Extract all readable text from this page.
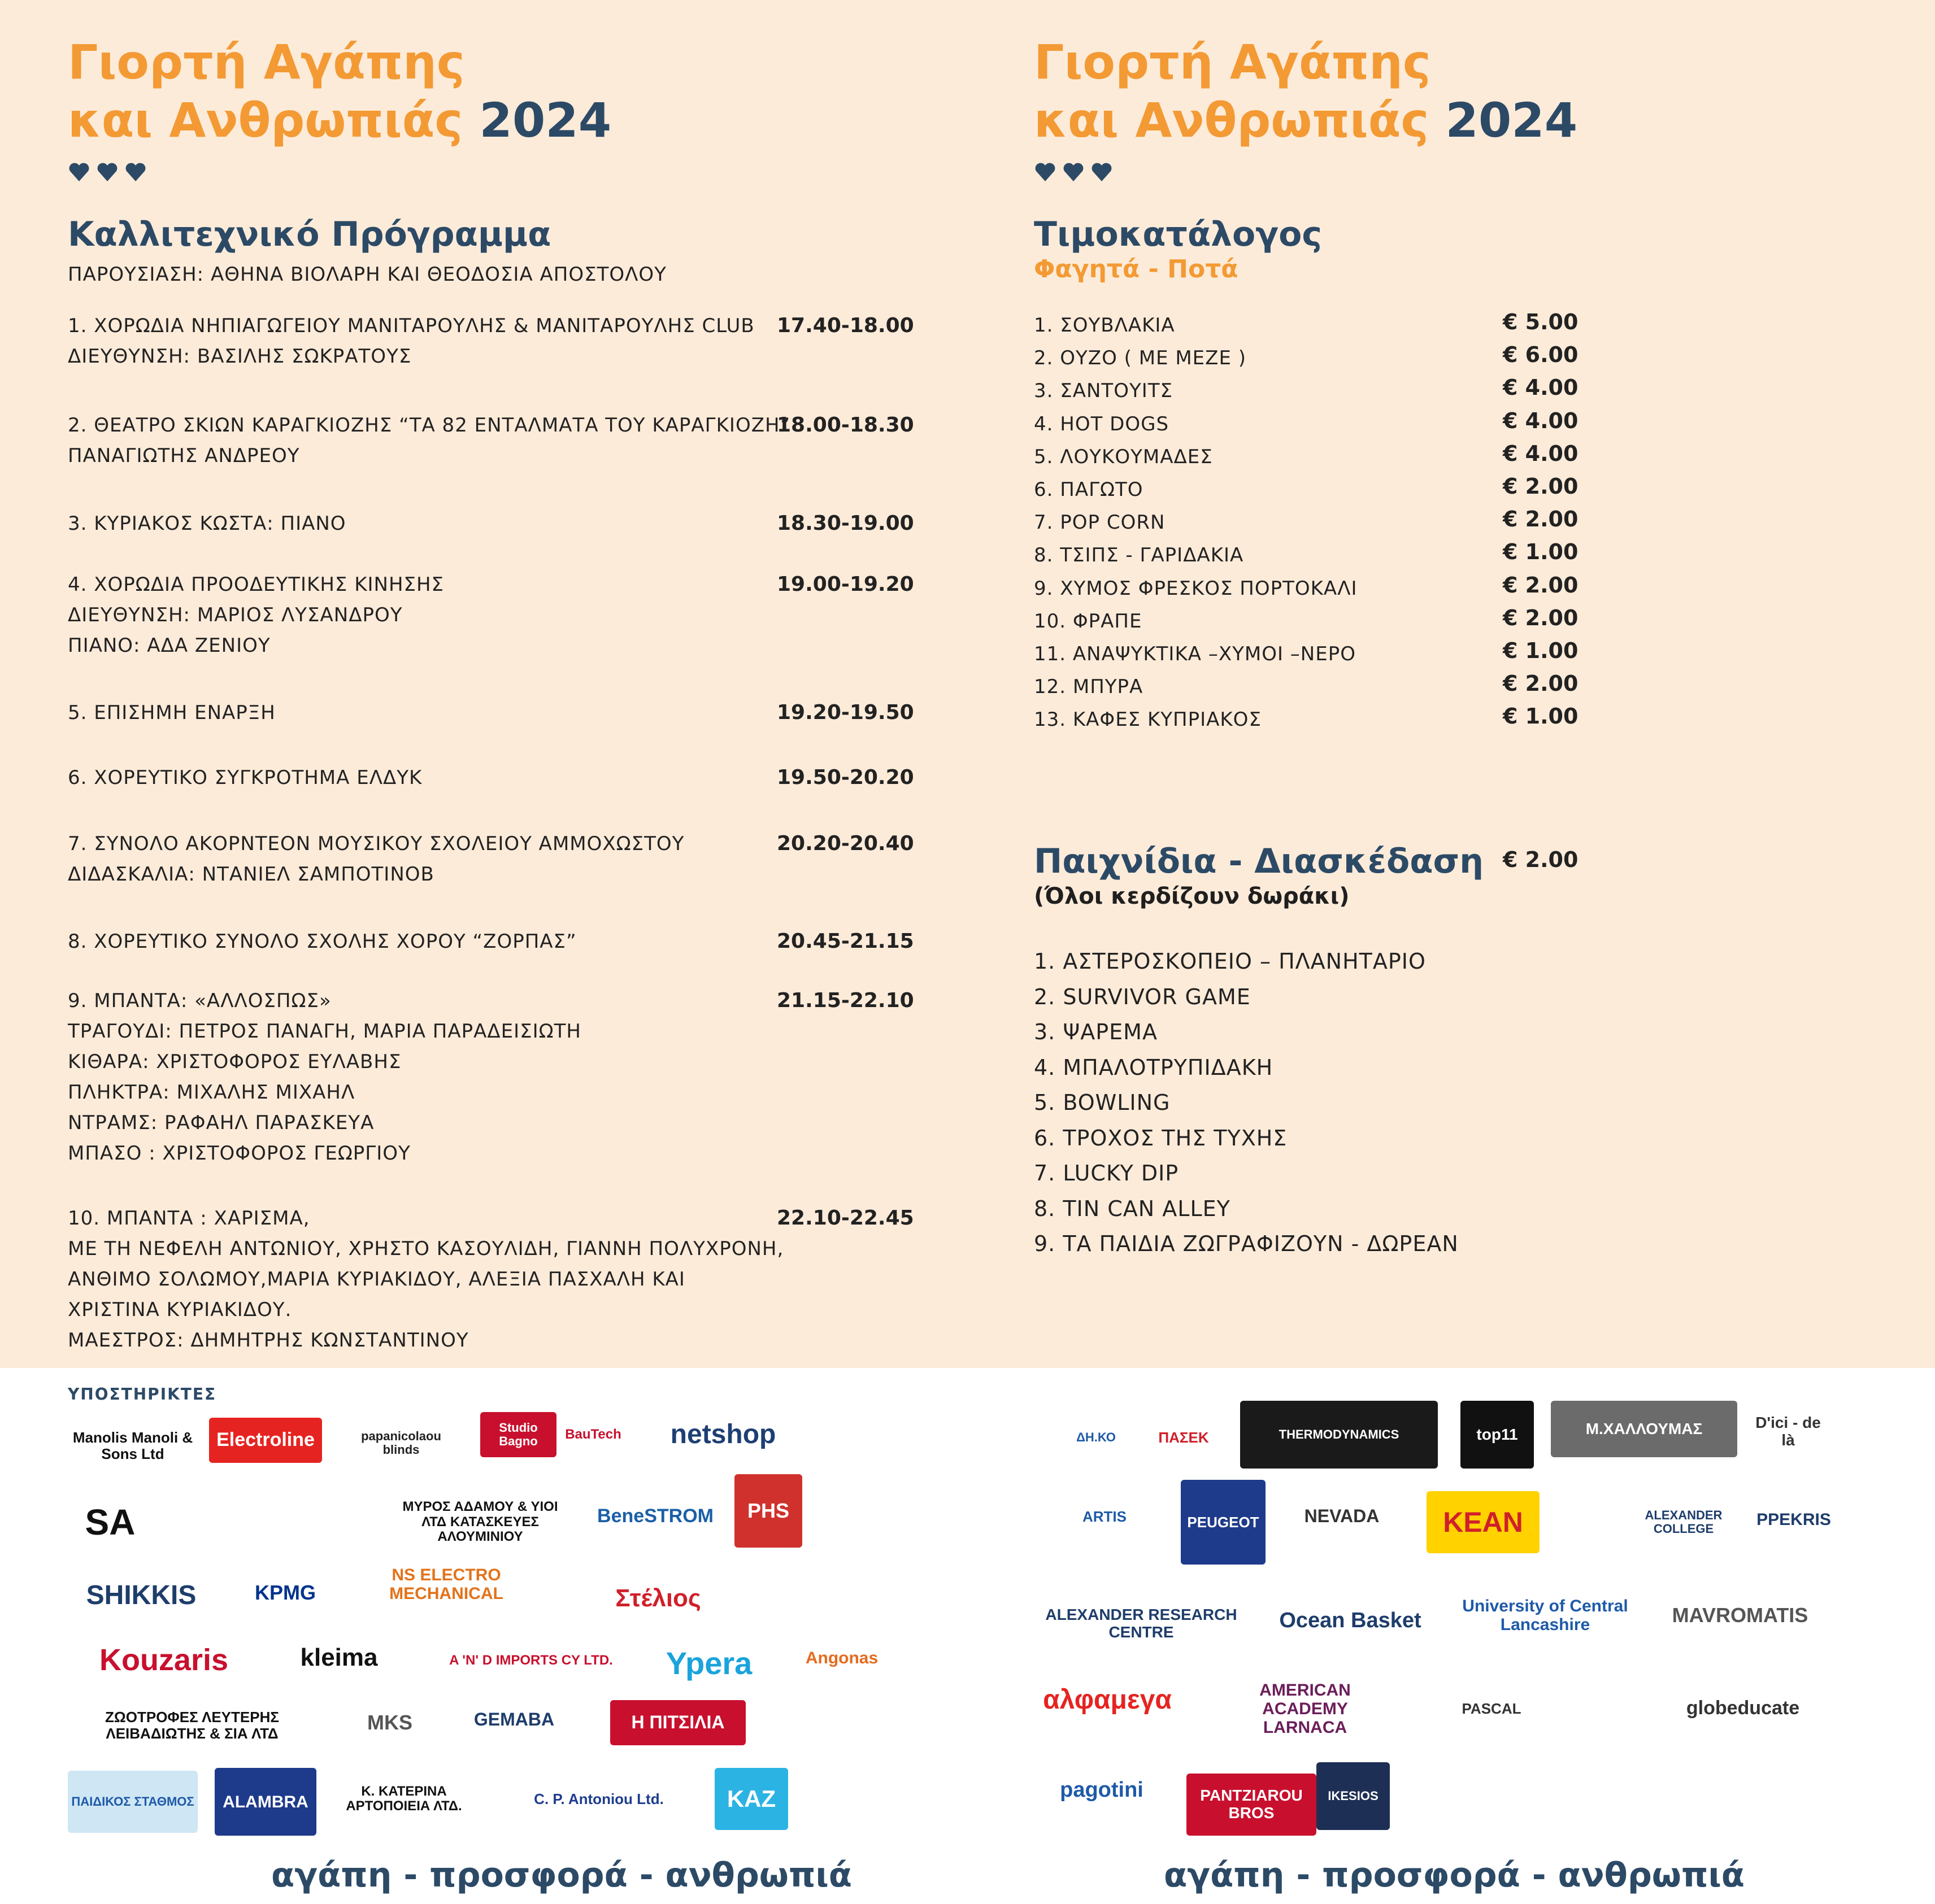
Γιορτή Αγάπης
και Ανθρωπιάς 2024
Καλλιτεχνικό Πρόγραμμα
ΠΑΡΟΥΣΙΑΣΗ: ΑΘΗΝΑ ΒΙΟΛΑΡΗ ΚΑΙ ΘΕΟΔΟΣΙΑ ΑΠΟΣΤΟΛΟΥ
1. ΧΟΡΩΔΙΑ ΝΗΠΙΑΓΩΓΕΙΟΥ ΜΑΝΙΤΑΡΟΥΛΗΣ & ΜΑΝΙΤΑΡΟΥΛΗΣ CLUB
ΔΙΕΥΘΥΝΣΗ: ΒΑΣΙΛΗΣ ΣΩΚΡΑΤΟΥΣ
17.40-18.00
2. ΘΕΑΤΡΟ ΣΚΙΩΝ ΚΑΡΑΓΚΙΟΖΗΣ “ΤΑ 82 ΕΝΤΑΛΜΑΤΑ ΤΟΥ ΚΑΡΑΓΚΙΟΖΗ”
ΠΑΝΑΓΙΩΤΗΣ ΑΝΔΡΕΟΥ
18.00-18.30
3. ΚΥΡΙΑΚΟΣ ΚΩΣΤΑ: ΠΙΑΝΟ	18.30-19.00
4. ΧΟΡΩΔΙΑ ΠΡΟΟΔΕΥΤΙΚΗΣ ΚΙΝΗΣΗΣ
ΔΙΕΥΘΥΝΣΗ: ΜΑΡΙΟΣ ΛΥΣΑΝΔΡΟΥ
ΠΙΑΝΟ: ΑΔΑ ΖΕΝΙΟΥ
19.00-19.20
5. ΕΠΙΣΗΜΗ ΕΝΑΡΞΗ	19.20-19.50
6. ΧΟΡΕΥΤΙΚΟ ΣΥΓΚΡΟΤΗΜΑ ΕΛΔΥΚ	19.50-20.20
7. ΣΥΝΟΛΟ ΑΚΟΡΝΤΕΟΝ ΜΟΥΣΙΚΟΥ ΣΧΟΛΕΙΟΥ ΑΜΜΟΧΩΣΤΟΥ
ΔΙΔΑΣΚΑΛΙΑ: ΝΤΑΝΙΕΛ ΣΑΜΠΟΤΙΝΟΒ
20.20-20.40
8. ΧΟΡΕΥΤΙΚΟ ΣΥΝΟΛΟ ΣΧΟΛΗΣ ΧΟΡΟΥ “ΖΟΡΠΑΣ”	20.45-21.15
9. ΜΠΑΝΤΑ: «ΑΛΛΟΣΠΩΣ»
ΤΡΑΓΟΥΔΙ: ΠΕΤΡΟΣ ΠΑΝΑΓΗ, ΜΑΡΙΑ ΠΑΡΑΔΕΙΣΙΩΤΗ
ΚΙΘΑΡΑ: ΧΡΙΣΤΟΦΟΡΟΣ ΕΥΛΑΒΗΣ
ΠΛΗΚΤΡΑ: ΜΙΧΑΛΗΣ ΜΙΧΑΗΛ
ΝΤΡΑΜΣ: ΡΑΦΑΗΛ ΠΑΡΑΣΚΕΥΑ
ΜΠΑΣΟ : ΧΡΙΣΤΟΦΟΡΟΣ ΓΕΩΡΓΙΟΥ
21.15-22.10
10. ΜΠΑΝΤΑ : ΧΑΡΙΣΜΑ,
ΜΕ ΤΗ ΝΕΦΕΛΗ ΑΝΤΩΝΙΟΥ, ΧΡΗΣΤΟ ΚΑΣΟΥΛΙΔΗ, ΓΙΑΝΝΗ ΠΟΛΥΧΡΟΝΗ,
ΑΝΘΙΜΟ ΣΟΛΩΜΟΥ,ΜΑΡΙΑ ΚΥΡΙΑΚΙΔΟΥ, ΑΛΕΞΙΑ ΠΑΣΧΑΛΗ ΚΑΙ
ΧΡΙΣΤΙΝΑ ΚΥΡΙΑΚΙΔΟΥ.
ΜΑΕΣΤΡΟΣ: ΔΗΜΗΤΡΗΣ ΚΩΝΣΤΑΝΤΙΝΟΥ
22.10-22.45
Γιορτή Αγάπης
και Ανθρωπιάς 2024
Τιμοκατάλογος
Φαγητά - Ποτά
1. ΣΟΥΒΛΑΚΙΑ	€ 5.00
2. ΟΥΖΟ ( ΜΕ ΜΕΖΕ )	€ 6.00
3. ΣΑΝΤΟΥΙΤΣ	€ 4.00
4. HOT DOGS	€ 4.00
5. ΛΟΥΚΟΥΜΑΔΕΣ	€ 4.00
6. ΠΑΓΩΤΟ	€ 2.00
7. POP CORN	€ 2.00
8. ΤΣΙΠΣ - ΓΑΡΙΔΑΚΙΑ	€ 1.00
9. ΧΥΜΟΣ ΦΡΕΣΚΟΣ ΠΟΡΤΟΚΑΛΙ	€ 2.00
10. ΦΡΑΠΕ	€ 2.00
11. ΑΝΑΨΥΚΤΙΚΑ –ΧΥΜΟΙ –ΝΕΡΟ	€ 1.00
12. ΜΠΥΡΑ	€ 2.00
13. ΚΑΦΕΣ ΚΥΠΡΙΑΚΟΣ	€ 1.00
Παιχνίδια - Διασκέδαση € 2.00
(Όλοι κερδίζουν δωράκι)
1. ΑΣΤΕΡΟΣΚΟΠΕΙΟ – ΠΛΑΝΗΤΑΡΙΟ
2. SURVIVOR GAME
3. ΨΑΡΕΜΑ
4. ΜΠΑΛΟΤΡΥΠΙΔΑΚΗ
5. BOWLING
6. ΤΡΟΧΟΣ ΤΗΣ ΤΥΧΗΣ
7. LUCKY DIP
8. TIN CAN ALLEY
9. ΤΑ ΠΑΙΔΙΑ ΖΩΓΡΑΦΙΖΟΥΝ - ΔΩΡΕΑΝ
ΥΠΟΣΤΗΡΙΚΤΕΣ
Manolis Manoli & Sons Ltd
Electroline	papanicolaou blinds
Studio Bagno	BauTech	netshop
SA	ΜΥΡΟΣ ΑΔΑΜΟΥ & ΥΙΟΙ ΛΤΔ ΚΑΤΑΣΚΕΥΕΣ ΑΛΟΥΜΙΝΙΟΥ
BeneSTROM	PHS
SHIKKIS	KPMG
NS ELECTRO MECHANICAL	Στέλιος
Kouzaris	kleima	A 'N' D IMPORTS CY LTD.	Ypera	Angonas
ΖΩΟΤΡΟΦΕΣ ΛΕΥΤΕΡΗΣ ΛΕΙΒΑΔΙΩΤΗΣ & ΣΙΑ ΛΤΔ	MKS	GEMABA	Η ΠΙΤΣΙΛΙΑ
ΠΑΙΔΙΚΟΣ ΣΤΑΘΜΟΣ	ALAMBRA
Κ. ΚΑΤΕΡΙΝΑ ΑΡΤΟΠΟΙΕΙΑ ΛΤΔ.	C. P. Antoniou Ltd.	KAZ
ΔΗ.ΚΟ	ΠΑΣΕΚ	THERMODYNAMICS	top11	Μ.ΧΑΛΛΟΥΜΑΣ	D'ici - de là
ARTIS	PEUGEOT	NEVADA	KEAN	ALEXANDER COLLEGE	PPEKRIS
ALEXANDER RESEARCH CENTRE	Ocean Basket
University of Central Lancashire	MAVROMATIS
αλφαμεγα	AMERICAN ACADEMY LARNACA
PASCAL	globeducate
pagotini	PANTZIAROU BROS
IKESIOS
αγάπη - προσφορά - ανθρωπιά	αγάπη - προσφορά - ανθρωπιά
